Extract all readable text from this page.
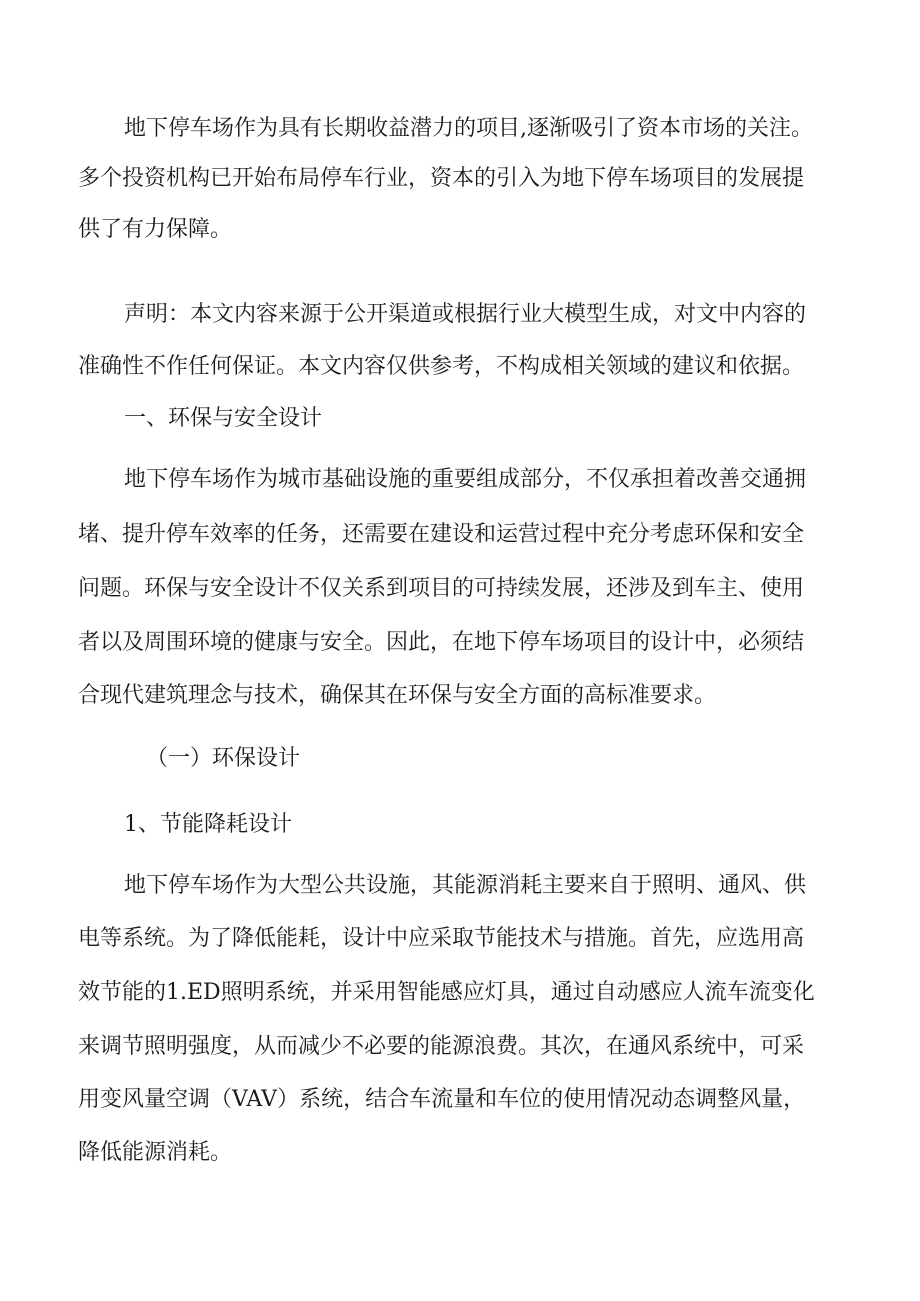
地下停车场作为具有长期收益潜力的项目,逐渐吸引了资本市场的关注。
多个投资机构已开始布局停车行业，资本的引入为地下停车场项目的发展提
供了有力保障。
声明：本文内容来源于公开渠道或根据行业大模型生成，对文中内容的
准确性不作任何保证。本文内容仅供参考，不构成相关领域的建议和依据。
一、环保与安全设计
地下停车场作为城市基础设施的重要组成部分，不仅承担着改善交通拥
堵、提升停车效率的任务，还需要在建设和运营过程中充分考虑环保和安全
问题。环保与安全设计不仅关系到项目的可持续发展，还涉及到车主、使用
者以及周围环境的健康与安全。因此，在地下停车场项目的设计中，必须结
合现代建筑理念与技术，确保其在环保与安全方面的高标准要求。
（一）环保设计
1、节能降耗设计
地下停车场作为大型公共设施，其能源消耗主要来自于照明、通风、供
电等系统。为了降低能耗，设计中应采取节能技术与措施。首先，应选用高
效节能的1.ED照明系统，并采用智能感应灯具，通过自动感应人流车流变化
来调节照明强度，从而减少不必要的能源浪费。其次，在通风系统中，可采
用变风量空调（VAV）系统，结合车流量和车位的使用情况动态调整风量，
降低能源消耗。
